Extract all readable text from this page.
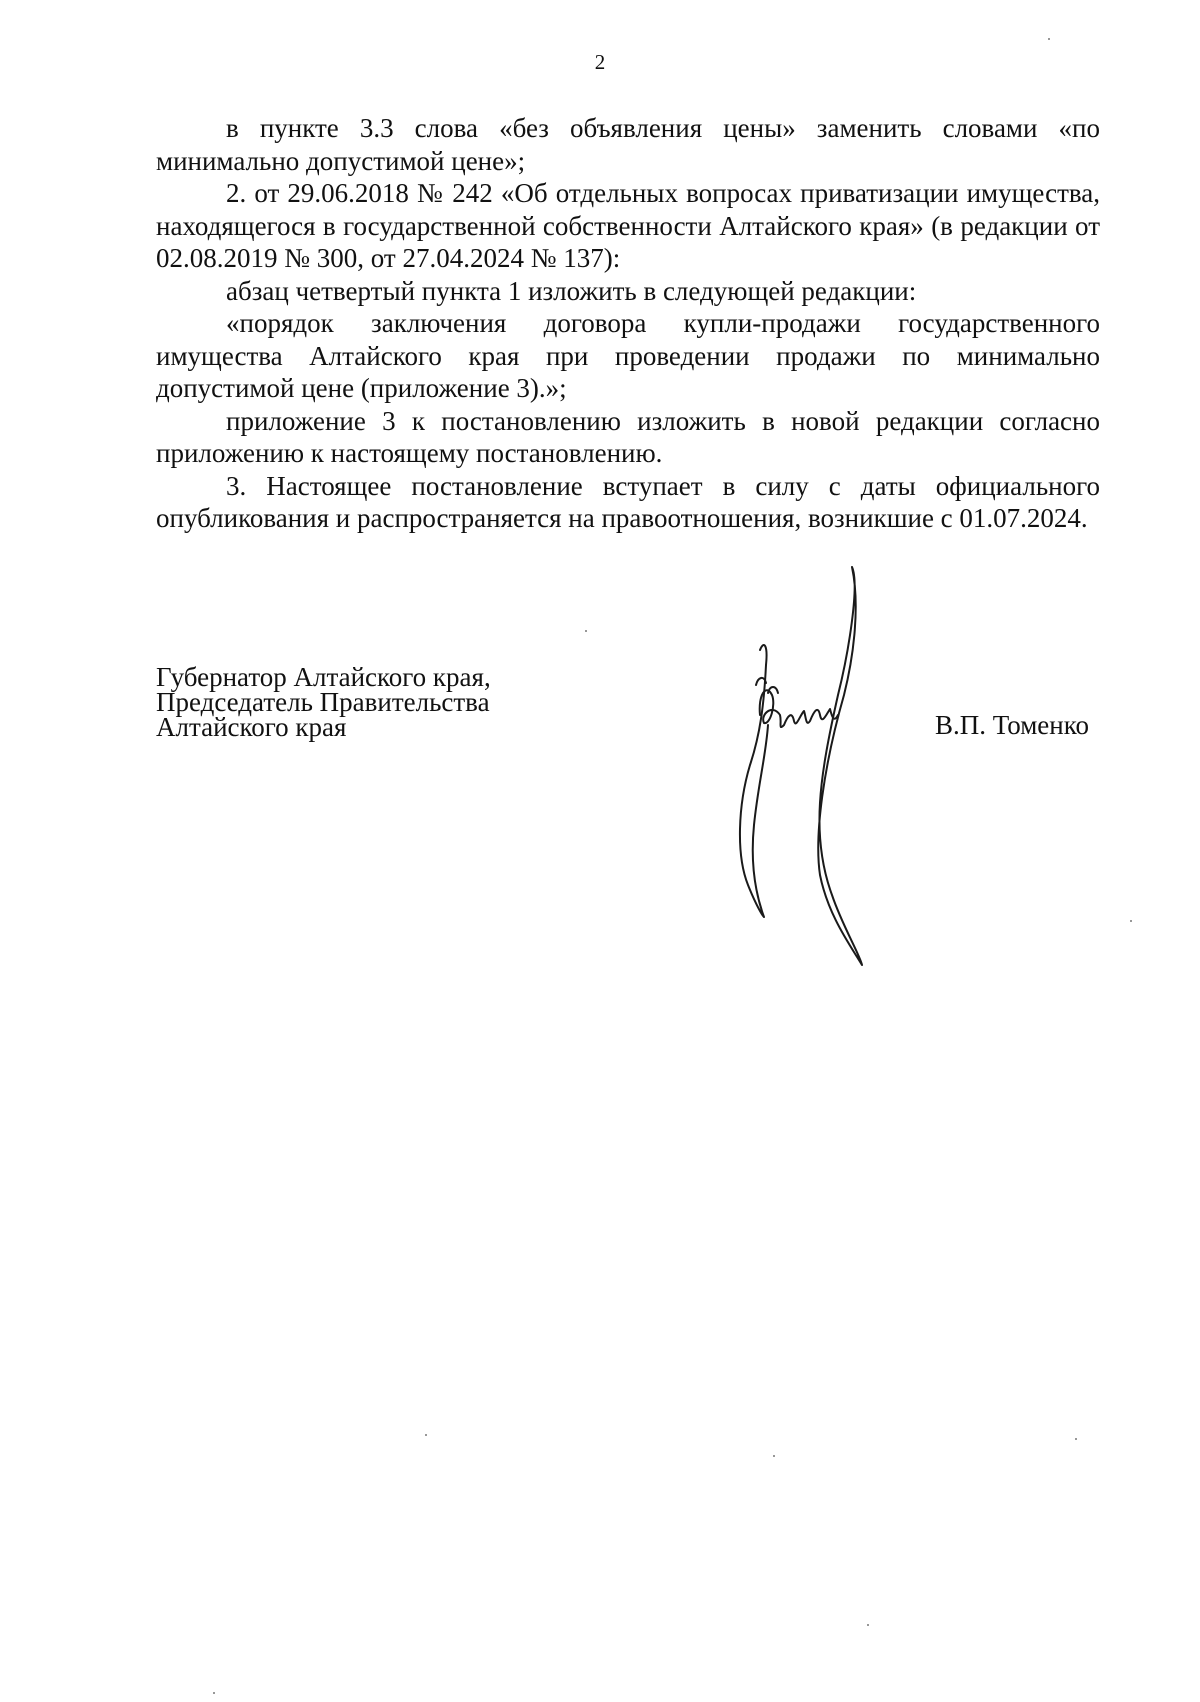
2

в пункте 3.3 слова «без объявления цены» заменить словами «по минимально допустимой цене»;

2. от 29.06.2018 № 242 «Об отдельных вопросах приватизации имущества, находящегося в государственной собственности Алтайского края» (в редакции от 02.08.2019 № 300, от 27.04.2024 № 137):

абзац четвертый пункта 1 изложить в следующей редакции:

«порядок заключения договора купли-продажи государственного имущества Алтайского края при проведении продажи по минимально допустимой цене (приложение 3).»;

приложение 3 к постановлению изложить в новой редакции согласно приложению к настоящему постановлению.

3. Настоящее постановление вступает в силу с даты официального опубликования и распространяется на правоотношения, возникшие с 01.07.2024.

Губернатор Алтайского края,
Председатель Правительства
Алтайского края	В.П. Томенко
